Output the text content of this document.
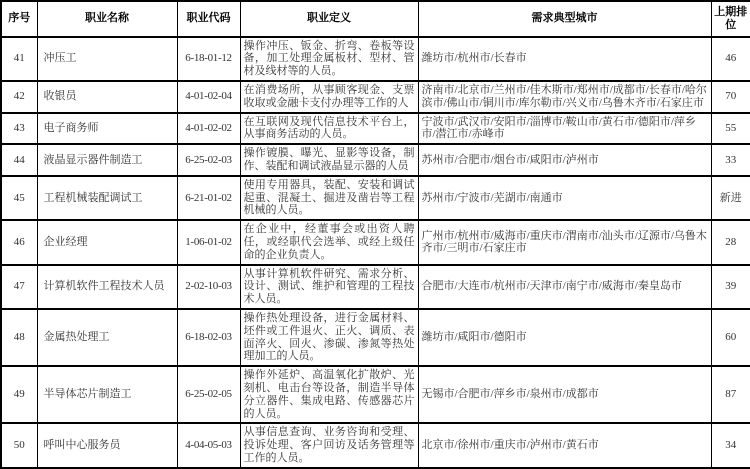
序号	职业名称	职业代码	职业定义	需求典型城市	上期排位
41	冲压工	6-18-01-12	操作冲压、钣金、折弯、卷板等设备，加工处理金属板材、型材、管材及线材等的人员。	潍坊市/杭州市/长春市	46
42	收银员	4-01-02-04	在消费场所，从事顾客现金、支票收取或金融卡支付办理等工作的人	济南市/北京市/兰州市/佳木斯市/郑州市/成都市/长春市/哈尔滨市/佛山市/铜川市/库尔勒市/兴义市/乌鲁木齐市/石家庄市	70
43	电子商务师	4-01-02-02	在互联网及现代信息技术平台上，从事商务活动的人员。	宁波市/武汉市/安阳市/淄博市/鞍山市/黄石市/德阳市/萍乡市/潜江市/赤峰市	55
44	液晶显示器件制造工	6-25-02-03	操作镀膜、曝光、显影等设备，制作、装配和调试液晶显示器的人员	苏州市/合肥市/烟台市/咸阳市/泸州市	33
45	工程机械装配调试工	6-21-01-02	使用专用器具，装配、安装和调试起重、混凝土、掘进及凿岩等工程机械的人员。	苏州市/宁波市/芜湖市/南通市	新进
46	企业经理	1-06-01-02	在企业中，经董事会或出资人聘任，或经职代会选举、或经上级任命的企业负责人。	广州市/杭州市/威海市/重庆市/渭南市/汕头市/辽源市/乌鲁木齐市/三明市/石家庄市	28
47	计算机软件工程技术人员	2-02-10-03	从事计算机软件研究、需求分析、设计、测试、维护和管理的工程技术人员。	合肥市/大连市/杭州市/天津市/南宁市/威海市/秦皇岛市	39
48	金属热处理工	6-18-02-03	操作热处理设备，进行金属材料、坯件或工件退火、正火、调质、表面淬火、回火、渗碳、渗氮等热处理加工的人员。	潍坊市/咸阳市/德阳市	60
49	半导体芯片制造工	6-25-02-05	操作外延炉、高温氧化扩散炉、光刻机、电击台等设备，制造半导体分立器件、集成电路、传感器芯片的人员。	无锡市/合肥市/萍乡市/泉州市/成都市	87
50	呼叫中心服务员	4-04-05-03	从事信息查询、业务咨询和受理、投诉处理、客户回访及话务管理等工作的人员。	北京市/徐州市/重庆市/泸州市/黄石市	34
